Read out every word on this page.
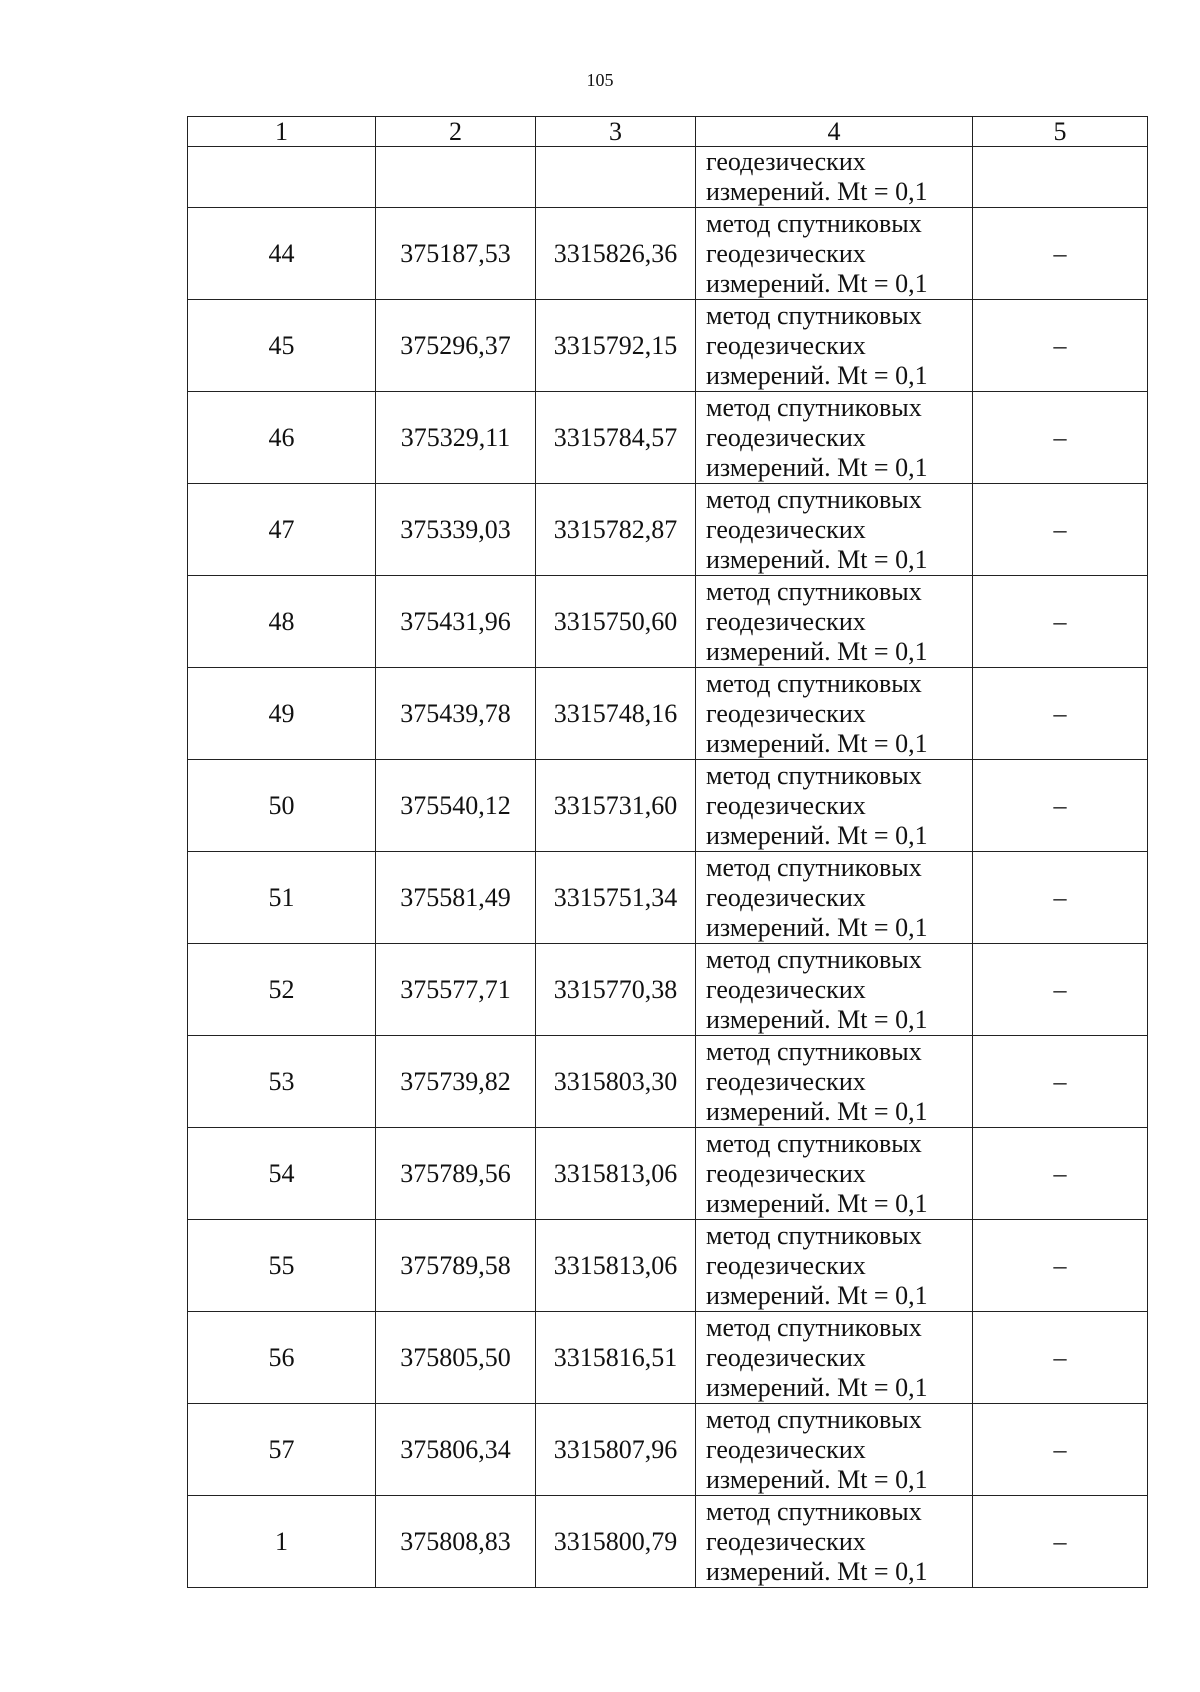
105
1	2	3	4	5

			геодезических
измерений. Mt = 0,1	

44	375187,53	3315826,36	метод спутниковых
геодезических
измерений. Mt = 0,1	–
45	375296,37	3315792,15	метод спутниковых
геодезических
измерений. Mt = 0,1	–
46	375329,11	3315784,57	метод спутниковых
геодезических
измерений. Mt = 0,1	–
47	375339,03	3315782,87	метод спутниковых
геодезических
измерений. Mt = 0,1	–
48	375431,96	3315750,60	метод спутниковых
геодезических
измерений. Mt = 0,1	–
49	375439,78	3315748,16	метод спутниковых
геодезических
измерений. Mt = 0,1	–
50	375540,12	3315731,60	метод спутниковых
геодезических
измерений. Mt = 0,1	–
51	375581,49	3315751,34	метод спутниковых
геодезических
измерений. Mt = 0,1	–
52	375577,71	3315770,38	метод спутниковых
геодезических
измерений. Mt = 0,1	–
53	375739,82	3315803,30	метод спутниковых
геодезических
измерений. Mt = 0,1	–
54	375789,56	3315813,06	метод спутниковых
геодезических
измерений. Mt = 0,1	–
55	375789,58	3315813,06	метод спутниковых
геодезических
измерений. Mt = 0,1	–
56	375805,50	3315816,51	метод спутниковых
геодезических
измерений. Mt = 0,1	–
57	375806,34	3315807,96	метод спутниковых
геодезических
измерений. Mt = 0,1	–
1	375808,83	3315800,79	метод спутниковых
геодезических
измерений. Mt = 0,1	–
